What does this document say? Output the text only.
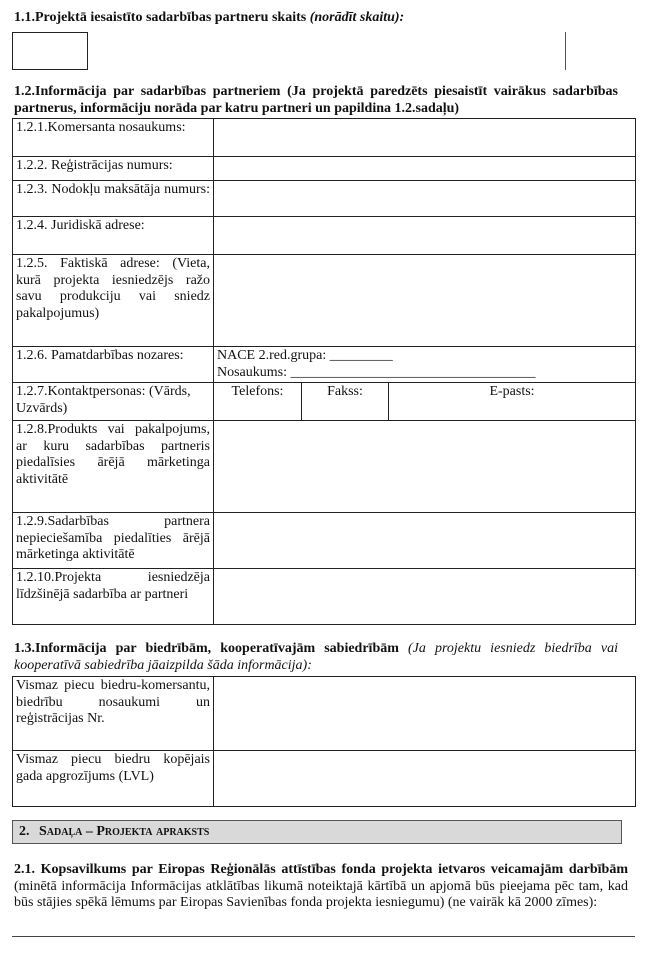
1.1.Projektā iesaistīto sadarbības partneru skaits (norādīt skaitu):
1.2.Informācija par sadarbības partneriem (Ja projektā paredzēts piesaistīt vairākus sadarbības partnerus, informāciju norāda par katru partneri un papildina 1.2.sadaļu)
1.2.1.Komersanta nosaukums:	
1.2.2. Reģistrācijas numurs:	
1.2.3. Nodokļu maksātāja numurs:	
1.2.4. Juridiskā adrese:	
1.2.5. Faktiskā adrese: (Vieta, kurā projekta iesniedzējs ražo savu produkciju vai sniedz pakalpojumus)	
1.2.6. Pamatdarbības nozares:	NACE 2.red.grupa: _________
Nosaukums: ___________________________________

1.2.7.Kontaktpersonas: (Vārds, Uzvārds)	Telefons: Fakss: E-pasts:

1.2.8.Produkts vai pakalpojums, ar kuru sadarbības partneris piedalīsies ārējā mārketinga aktivitātē	
1.2.9.Sadarbības partnera nepieciešamība piedalīties ārējā mārketinga aktivitātē	
1.2.10.Projekta iesniedzēja līdzšinējā sadarbība ar partneri	
1.3.Informācija par biedrībām, kooperatīvajām sabiedrībām (Ja projektu iesniedz biedrība vai kooperatīvā sabiedrība jāaizpilda šāda informācija):
Vismaz piecu biedru-komersantu, biedrību nosaukumi un reģistrācijas Nr.	
Vismaz piecu biedru kopējais gada apgrozījums (LVL)	
2. Sadaļa – Projekta apraksts
2.1. Kopsavilkums par Eiropas Reģionālās attīstības fonda projekta ietvaros veicamajām darbībām (minētā informācija Informācijas atklātības likumā noteiktajā kārtībā un apjomā būs pieejama pēc tam, kad būs stājies spēkā lēmums par Eiropas Savienības fonda projekta iesniegumu) (ne vairāk kā 2000 zīmes):
